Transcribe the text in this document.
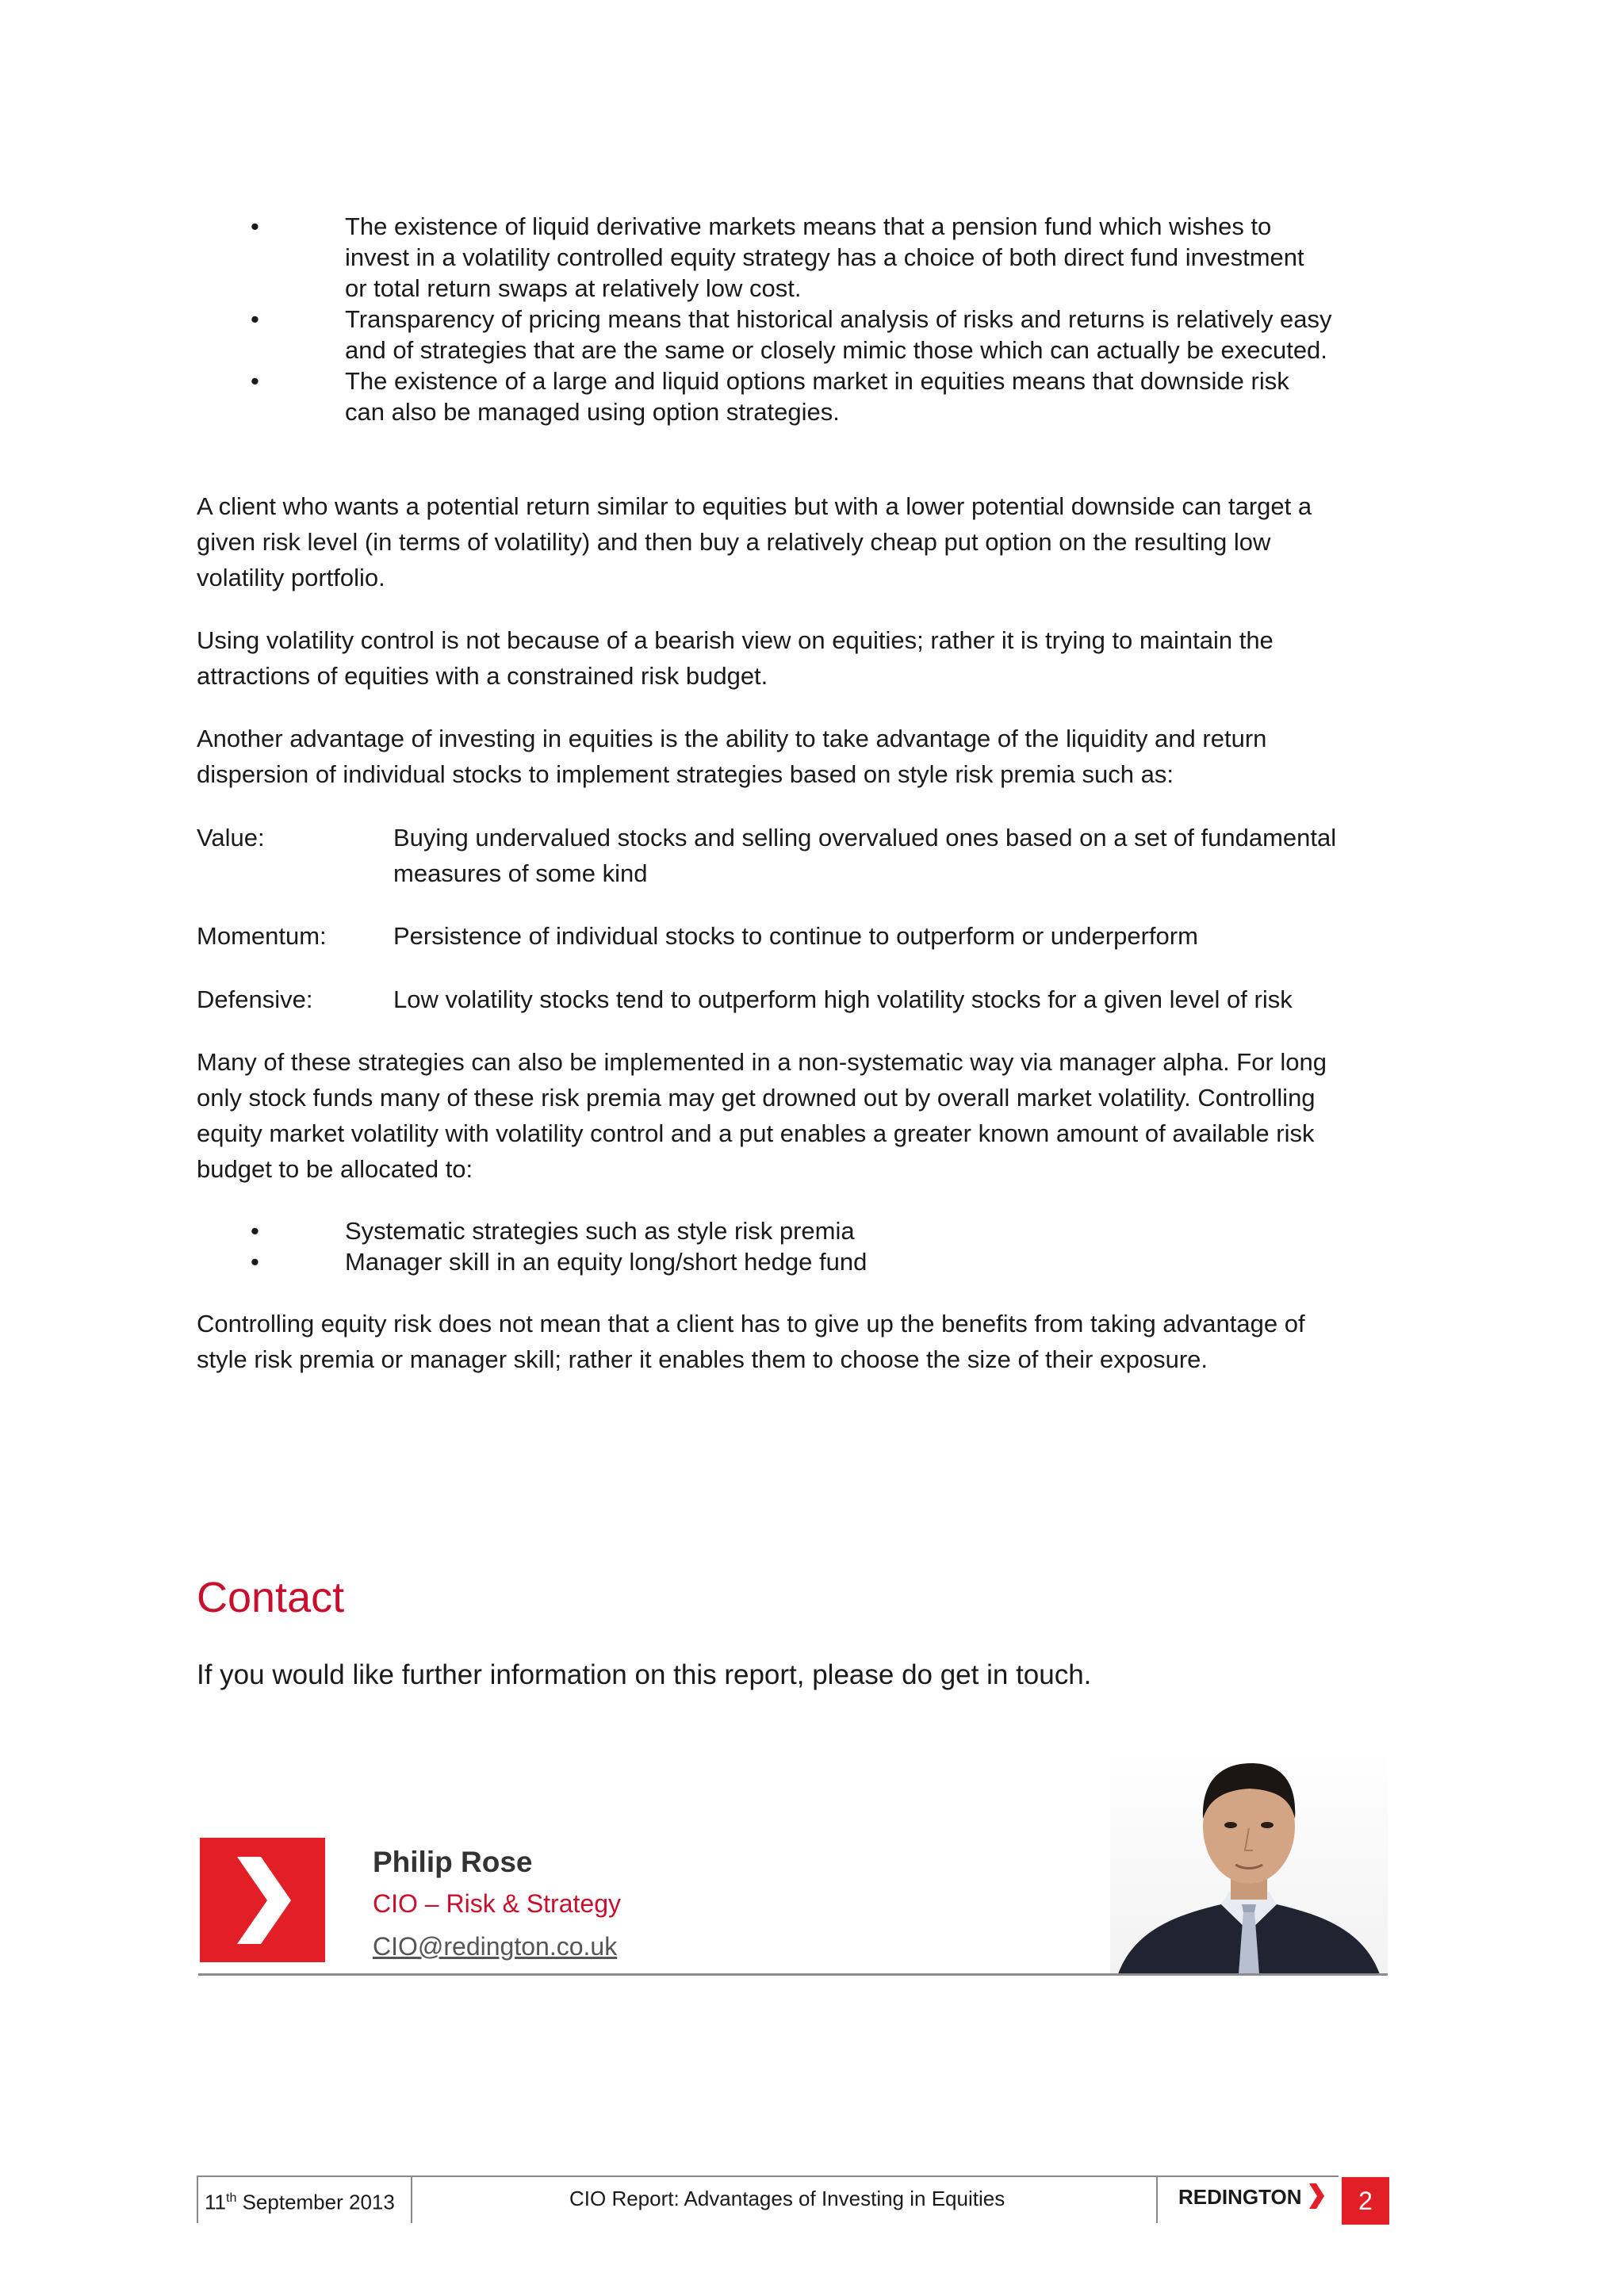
•	The existence of liquid derivative markets means that a pension fund which wishes to
invest in a volatility controlled equity strategy has a choice of both direct fund investment
or total return swaps at relatively low cost.
•	Transparency of pricing means that historical analysis of risks and returns is relatively easy
and of strategies that are the same or closely mimic those which can actually be executed.
•	The existence of a large and liquid options market in equities means that downside risk
can also be managed using option strategies.

A client who wants a potential return similar to equities but with a lower potential downside can target a
given risk level (in terms of volatility) and then buy a relatively cheap put option on the resulting low
volatility portfolio.

Using volatility control is not because of a bearish view on equities; rather it is trying to maintain the
attractions of equities with a constrained risk budget.

Another advantage of investing in equities is the ability to take advantage of the liquidity and return
dispersion of individual stocks to implement strategies based on style risk premia such as:

Value:	Buying undervalued stocks and selling overvalued ones based on a set of fundamental
measures of some kind
Momentum:	Persistence of individual stocks to continue to outperform or underperform
Defensive:	Low volatility stocks tend to outperform high volatility stocks for a given level of risk

Many of these strategies can also be implemented in a non-systematic way via manager alpha. For long
only stock funds many of these risk premia may get drowned out by overall market volatility. Controlling
equity market volatility with volatility control and a put enables a greater known amount of available risk
budget to be allocated to:

•	Systematic strategies such as style risk premia
•	Manager skill in an equity long/short hedge fund

Controlling equity risk does not mean that a client has to give up the benefits from taking advantage of
style risk premia or manager skill; rather it enables them to choose the size of their exposure.

Contact

If you would like further information on this report, please do get in touch.

Philip Rose
CIO – Risk & Strategy
CIO@redington.co.uk
11th September 2013	CIO Report: Advantages of Investing in Equities	REDINGTON	2
